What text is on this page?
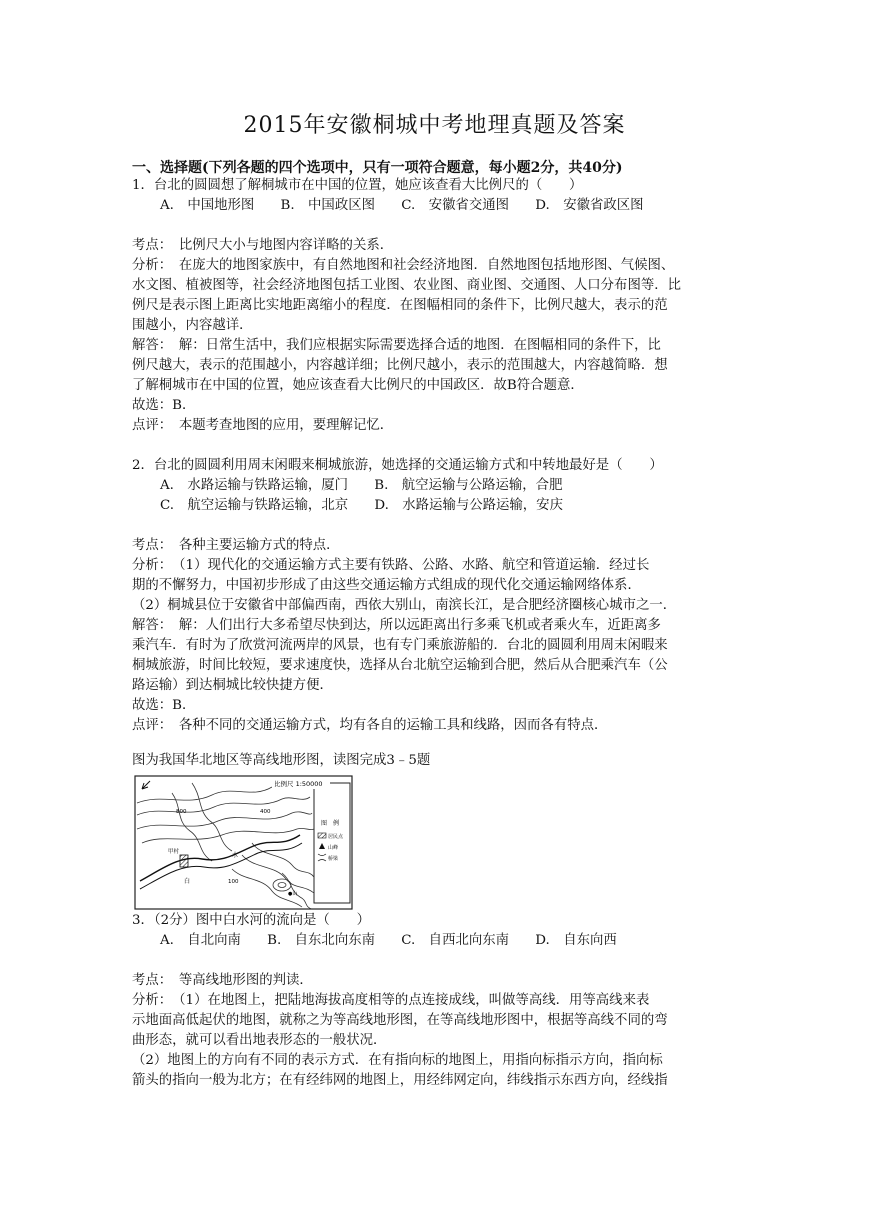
2015年安徽桐城中考地理真题及答案
一、选择题(下列各题的四个选项中，只有一项符合题意，每小题2分，共40分)
1．台北的圆圆想了解桐城市在中国的位置，她应该查看大比例尺的（　　）
A.　中国地形图 B.　中国政区图 C.　安徽省交通图 D.　安徽省政区图
考点：　比例尺大小与地图内容详略的关系．
分析：　在庞大的地图家族中，有自然地图和社会经济地图．自然地图包括地形图、气候图、
水文图、植被图等，社会经济地图包括工业图、农业图、商业图、交通图、人口分布图等．比
例尺是表示图上距离比实地距离缩小的程度．在图幅相同的条件下，比例尺越大，表示的范
围越小，内容越详．
解答：　解：日常生活中，我们应根据实际需要选择合适的地图．在图幅相同的条件下，比
例尺越大，表示的范围越小，内容越详细；比例尺越小，表示的范围越大，内容越简略．想
了解桐城市在中国的位置，她应该查看大比例尺的中国政区．故B符合题意．
故选：B．
点评：　本题考查地图的应用，要理解记忆．
2．台北的圆圆利用周末闲暇来桐城旅游，她选择的交通运输方式和中转地最好是（　　）
A.　水路运输与铁路运输，厦门 B.　航空运输与公路运输，合肥
C.　航空运输与铁路运输，北京 D.　水路运输与公路运输，安庆
考点：　各种主要运输方式的特点．
分析：　（1）现代化的交通运输方式主要有铁路、公路、水路、航空和管道运输．经过长
期的不懈努力，中国初步形成了由这些交通运输方式组成的现代化交通运输网络体系．
（2）桐城县位于安徽省中部偏西南，西依大别山，南滨长江，是合肥经济圈核心城市之一．
解答：　解：人们出行大多希望尽快到达，所以远距离出行多乘飞机或者乘火车，近距离多
乘汽车．有时为了欣赏河流两岸的风景，也有专门乘旅游船的．台北的圆圆利用周末闲暇来
桐城旅游，时间比较短，要求速度快，选择从台北航空运输到合肥，然后从合肥乘汽车（公
路运输）到达桐城比较快捷方便．
故选：B．
点评：　各种不同的交通运输方式，均有各自的运输工具和线路，因而各有特点．
图为我国华北地区等高线地形图，读图完成3﹣5题
比例尺 1:50000
图　例
居民点
山峰
桥梁
800	400
100
甲村	水
白
●山
3．（2分）图中白水河的流向是（　　）
A.　自北向南 B.　自东北向东南 C.　自西北向东南 D.　自东向西
考点：　等高线地形图的判读．
分析：　（1）在地图上，把陆地海拔高度相等的点连接成线，叫做等高线．用等高线来表
示地面高低起伏的地图，就称之为等高线地形图，在等高线地形图中，根据等高线不同的弯
曲形态，就可以看出地表形态的一般状况．
（2）地图上的方向有不同的表示方式．在有指向标的地图上，用指向标指示方向，指向标
箭头的指向一般为北方；在有经纬网的地图上，用经纬网定向，纬线指示东西方向，经线指
